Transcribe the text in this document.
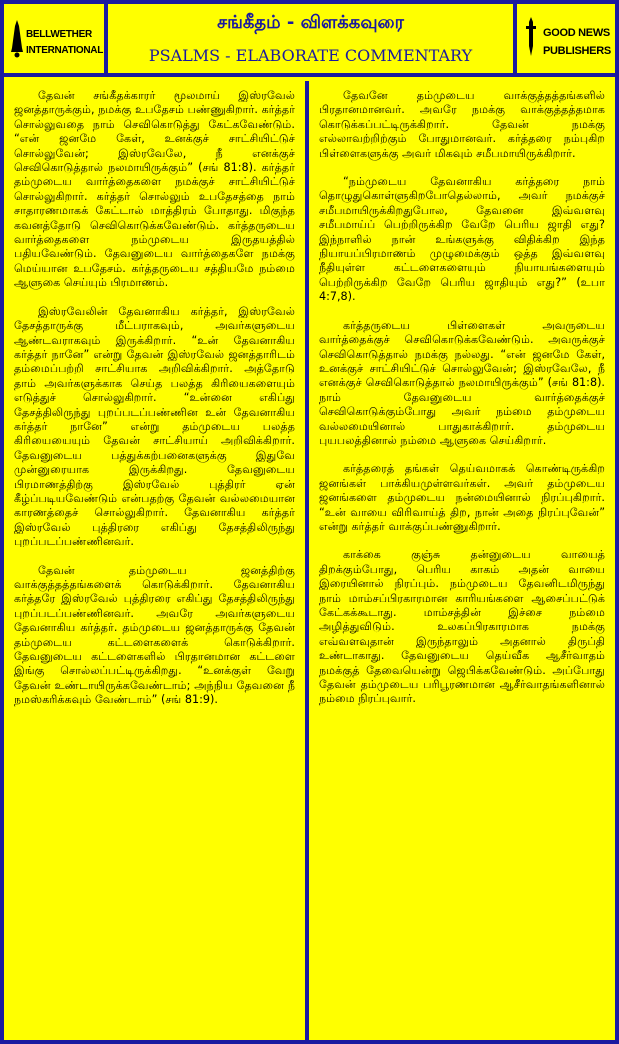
BELLWETHER
INTERNATIONAL
சங்கீதம் - விளக்கவுரை
PSALMS - ELABORATE COMMENTARY
GOOD NEWS
PUBLISHERS

தேவன் சங்கீதக்காரர் மூலமாய் இஸ்ரவேல் ஜனத்தாருக்கும், நமக்கு உபதேசம் பண்ணுகிறார். கர்த்தர் சொல்லுவதை நாம் செவிகொடுத்து கேட்கவேண்டும். “என் ஜனமே கேள், உனக்குச் சாட்சியிட்டுச் சொல்லுவேன்; இஸ்ரவேலே, நீ எனக்குச் செவிகொடுத்தால் நலமாயிருக்கும்” (சங் 81:8). கர்த்தர் தம்முடைய வார்த்தைகளை நமக்குச் சாட்சியிட்டுச் சொல்லுகிறார். கர்த்தர் சொல்லும் உபதேசத்தை நாம் சாதாரணமாகக் கேட்டால் மாத்திரம் போதாது. மிகுந்த கவனத்தோடு செவிகொடுக்கவேண்டும். கர்த்தருடைய வார்த்தைகளை நம்முடைய இருதயத்தில் பதியவேண்டும். தேவனுடைய வார்த்தைகளே நமக்கு மெய்யான உபதேசம். கர்த்தருடைய சத்தியமே நம்மை ஆளுகை செய்யும் பிரமாணம்.

இஸ்ரவேலின் தேவனாகிய கர்த்தர், இஸ்ரவேல் தேசத்தாருக்கு மீட்பராகவும், அவர்களுடைய ஆண்டவராகவும் இருக்கிறார். “உன் தேவனாகிய கர்த்தர் நானே” என்று தேவன் இஸ்ரவேல் ஜனத்தாரிடம் தம்மைப்பற்றி சாட்சியாக அறிவிக்கிறார். அத்தோடு தாம் அவர்களுக்காக செய்த பலத்த கிரியைகளையும் எடுத்துச் சொல்லுகிறார். “உன்னை எகிப்து தேசத்திலிருந்து புறப்படப்பண்ணின உன் தேவனாகிய கர்த்தர் நானே” என்று தம்முடைய பலத்த கிரியையையும் தேவன் சாட்சியாய் அறிவிக்கிறார். தேவனுடைய பத்துக்கற்பனைகளுக்கு இதுவே முன்னுரையாக இருக்கிறது. தேவனுடைய பிரமாணத்திற்கு இஸ்ரவேல் புத்திரர் ஏன் கீழ்ப்படியவேண்டும் என்பதற்கு தேவன் வல்லமையான காரணத்தைச் சொல்லுகிறார். தேவனாகிய கர்த்தர் இஸ்ரவேல் புத்திரரை எகிப்து தேசத்திலிருந்து புறப்படப்பண்ணினவர்.

தேவன் தம்முடைய ஜனத்திற்கு வாக்குத்தத்தங்களைக் கொடுக்கிறார். தேவனாகிய கர்த்தரே இஸ்ரவேல் புத்திரரை எகிப்து தேசத்திலிருந்து புறப்படப்பண்ணினவர். அவரே அவர்களுடைய தேவனாகிய கர்த்தர். தம்முடைய ஜனத்தாருக்கு தேவன் தம்முடைய கட்டளைகளைக் கொடுக்கிறார். தேவனுடைய கட்டளைகளில் பிரதானமான கட்டளை இங்கு சொல்லப்பட்டிருக்கிறது. “உனக்குள் வேறு தேவன் உண்டாயிருக்கவேண்டாம்; அந்நிய தேவனை நீ நமஸ்கரிக்கவும் வேண்டாம்” (சங் 81:9).

தேவனே தம்முடைய வாக்குத்தத்தங்களில் பிரதானமானவர். அவரே நமக்கு வாக்குத்தத்தமாக கொடுக்கப்பட்டிருக்கிறார். தேவன் நமக்கு எல்லாவற்றிற்கும் போதுமானவர். கர்த்தரை நம்புகிற பிள்ளைகளுக்கு அவர் மிகவும் சமீபமாயிருக்கிறார்.

“நம்முடைய தேவனாகிய கர்த்தரை நாம் தொழுதுகொள்ளுகிறபோதெல்லாம், அவர் நமக்குச் சமீபமாயிருக்கிறதுபோல, தேவனை இவ்வளவு சமீபமாய்ப் பெற்றிருக்கிற வேறே பெரிய ஜாதி எது? இந்நாளில் நான் உங்களுக்கு விதிக்கிற இந்த நியாயப்பிரமாணம் முழுமைக்கும் ஒத்த இவ்வளவு நீதியுள்ள கட்டளைகளையும் நியாயங்களையும் பெற்றிருக்கிற வேறே பெரிய ஜாதியும் எது?” (உபா 4:7,8).

கர்த்தருடைய பிள்ளைகள் அவருடைய வார்த்தைக்குச் செவிகொடுக்கவேண்டும். அவருக்குச் செவிகொடுத்தால் நமக்கு நல்லது. “என் ஜனமே கேள், உனக்குச் சாட்சியிட்டுச் சொல்லுவேன்; இஸ்ரவேலே, நீ எனக்குச் செவிகொடுத்தால் நலமாயிருக்கும்” (சங் 81:8). நாம் தேவனுடைய வார்த்தைக்குச் செவிகொடுக்கும்போது அவர் நம்மை தம்முடைய வல்லமையினால் பாதுகாக்கிறார். தம்முடைய புயபலத்தினால் நம்மை ஆளுகை செய்கிறார்.

கர்த்தரைத் தங்கள் தெய்வமாகக் கொண்டிருக்கிற ஜனங்கள் பாக்கியமுள்ளவர்கள். அவர் தம்முடைய ஜனங்களை தம்முடைய நன்மையினால் நிரப்புகிறார். “உன் வாயை விரிவாய்த் திற, நான் அதை நிரப்புவேன்” என்று கர்த்தர் வாக்குப்பண்ணுகிறார்.

காக்கை குஞ்சு தன்னுடைய வாயைத் திறக்கும்போது, பெரிய காகம் அதன் வாயை இரையினால் நிரப்பும். நம்முடைய தேவனிடமிருந்து நாம் மாம்சப்பிரகாரமான காரியங்களை ஆசைப்பட்டுக் கேட்கக்கூடாது. மாம்சத்தின் இச்சை நம்மை அழித்துவிடும். உலகப்பிரகாரமாக நமக்கு எவ்வளவுதான் இருந்தாலும் அதனால் திருப்தி உண்டாகாது. தேவனுடைய தெய்வீக ஆசீர்வாதம் நமக்குத் தேவையென்று ஜெபிக்கவேண்டும். அப்போது தேவன் தம்முடைய பரிபூரணமான ஆசீர்வாதங்களினால் நம்மை நிரப்புவார்.
